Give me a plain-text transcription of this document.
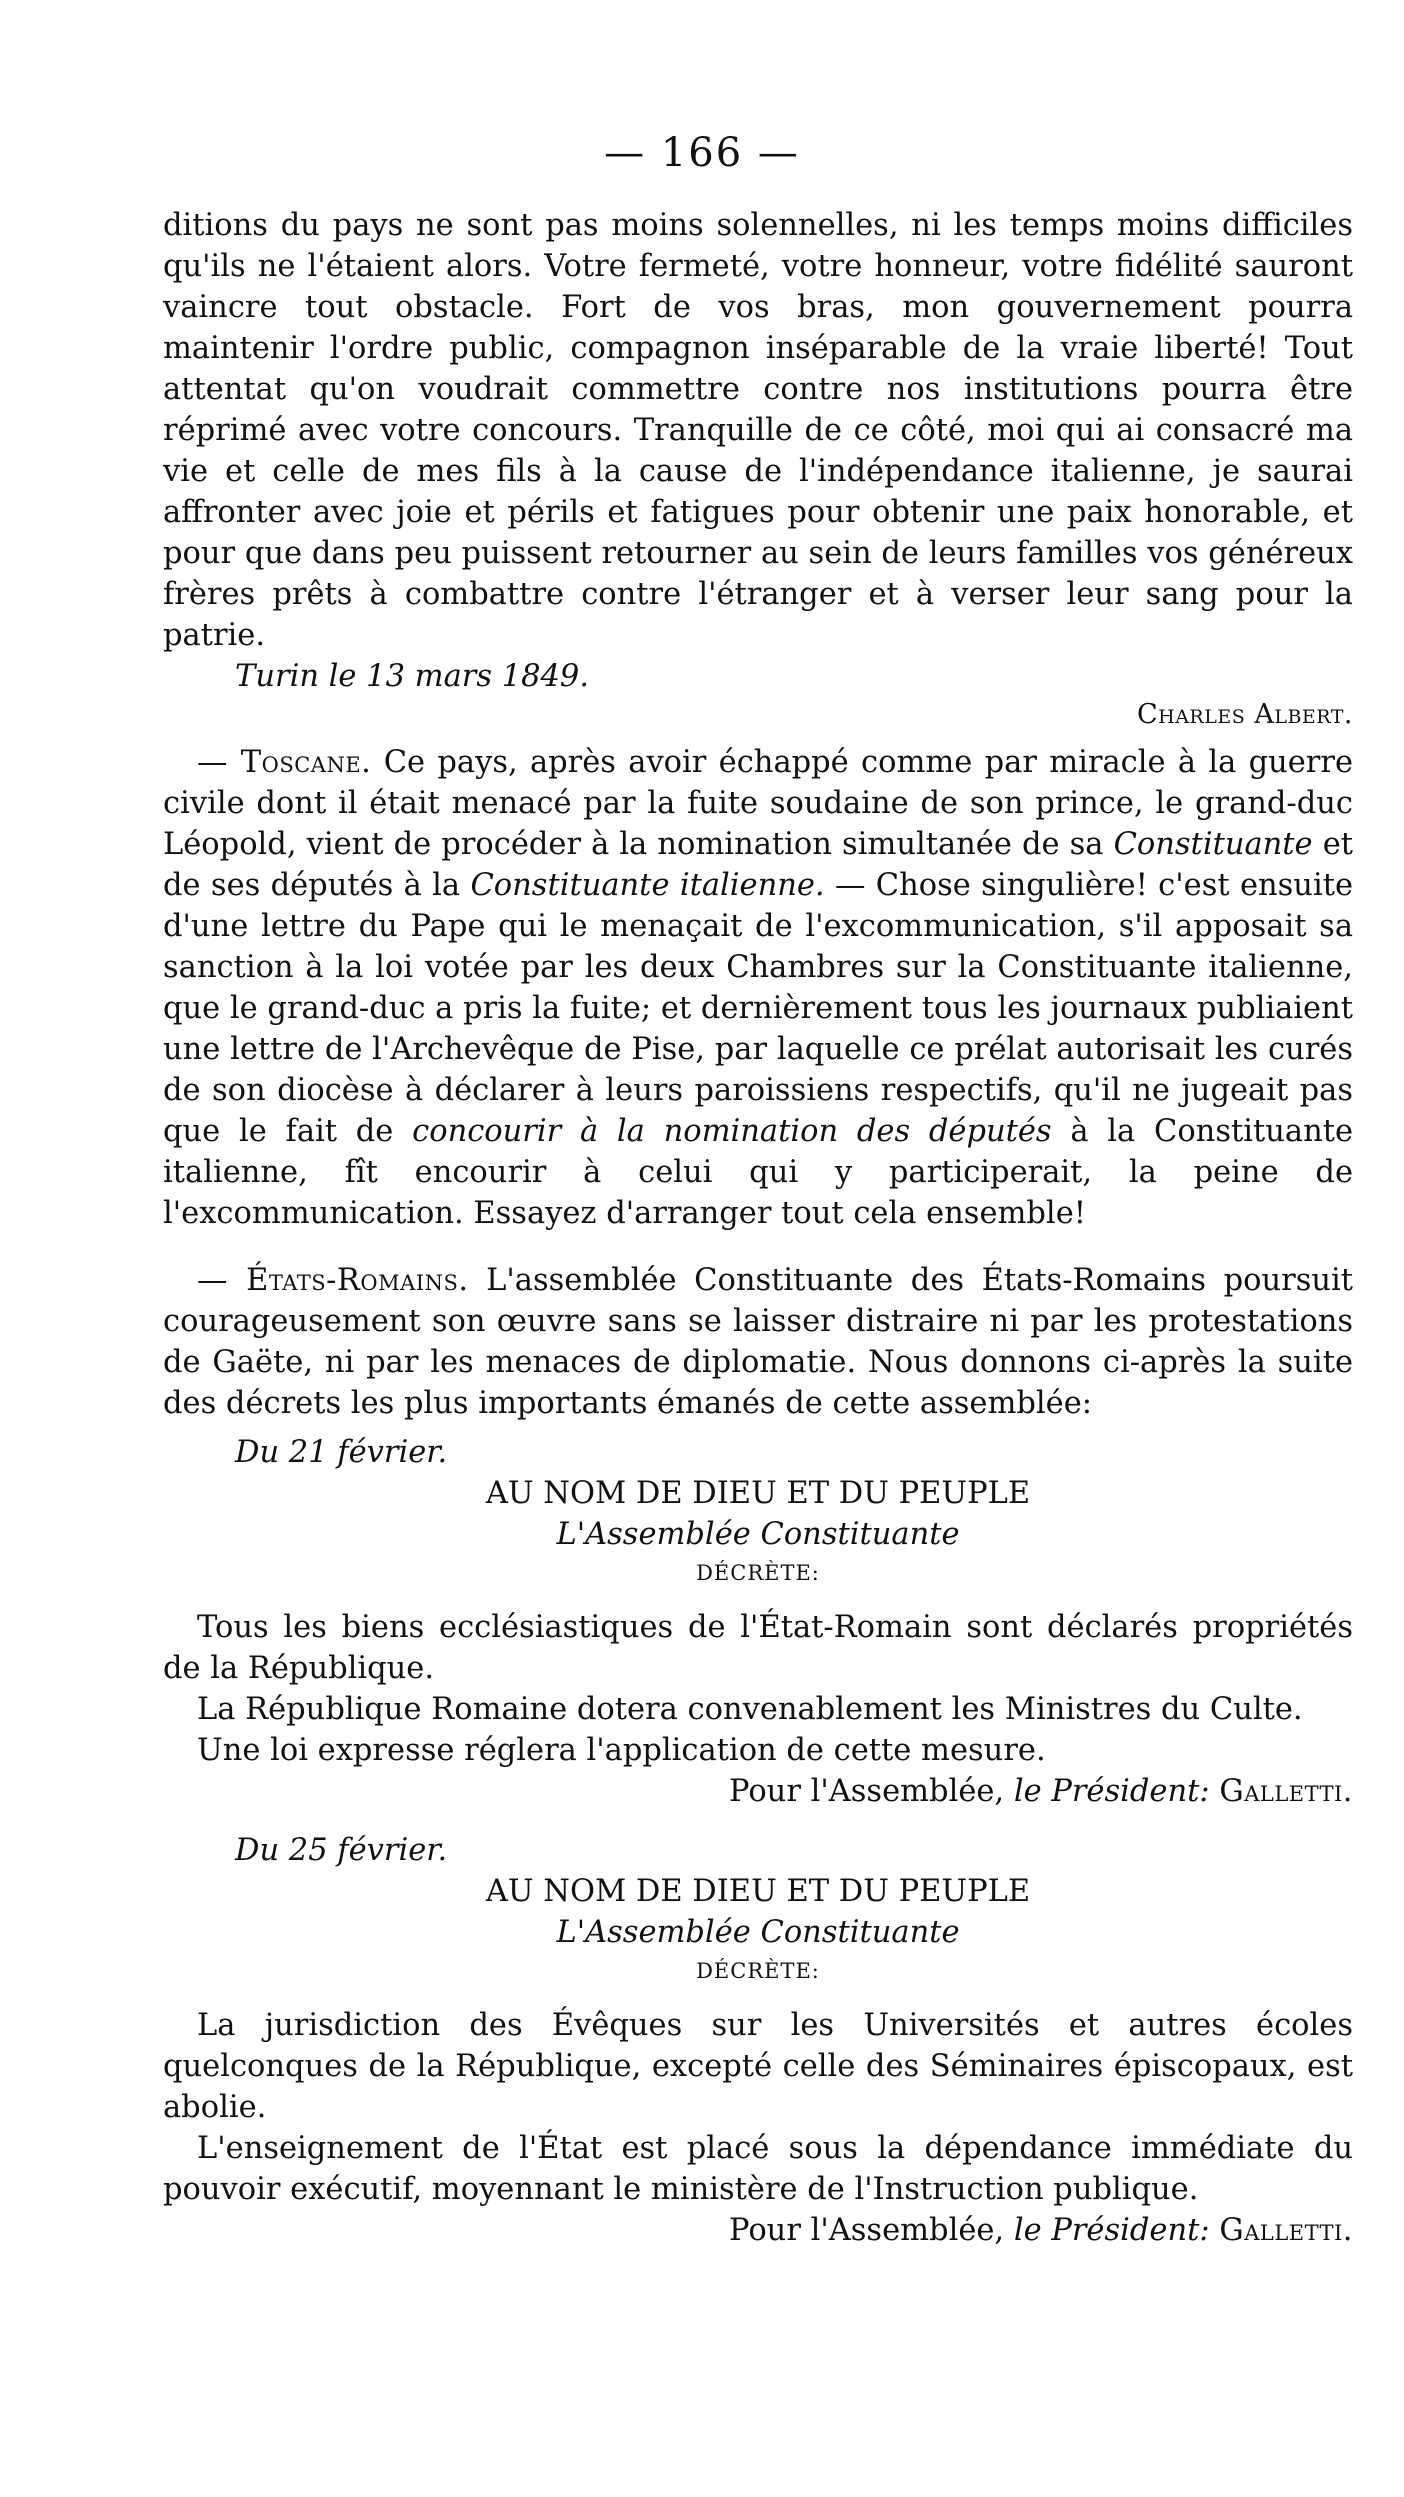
— 166 —

ditions du pays ne sont pas moins solennelles, ni les temps moins difficiles qu'ils ne l'étaient alors. Votre fermeté, votre honneur, votre fidélité sauront vaincre tout obstacle. Fort de vos bras, mon gouvernement pourra maintenir l'ordre public, compagnon inséparable de la vraie liberté! Tout attentat qu'on voudrait commettre contre nos institutions pourra être réprimé avec votre concours. Tranquille de ce côté, moi qui ai consacré ma vie et celle de mes fils à la cause de l'indépendance italienne, je saurai affronter avec joie et périls et fatigues pour obtenir une paix honorable, et pour que dans peu puissent retourner au sein de leurs familles vos généreux frères prêts à combattre contre l'étranger et à verser leur sang pour la patrie.

Turin le 13 mars 1849.

Charles Albert.

— Toscane. Ce pays, après avoir échappé comme par miracle à la guerre civile dont il était menacé par la fuite soudaine de son prince, le grand-duc Léopold, vient de procéder à la nomination simultanée de sa Constituante et de ses députés à la Constituante italienne. — Chose singulière! c'est ensuite d'une lettre du Pape qui le menaçait de l'excommunication, s'il apposait sa sanction à la loi votée par les deux Chambres sur la Constituante italienne, que le grand-duc a pris la fuite; et dernièrement tous les journaux publiaient une lettre de l'Archevêque de Pise, par laquelle ce prélat autorisait les curés de son diocèse à déclarer à leurs paroissiens respectifs, qu'il ne jugeait pas que le fait de concourir à la nomination des députés à la Constituante italienne, fît encourir à celui qui y participerait, la peine de l'excommunication. Essayez d'arranger tout cela ensemble!

— États-Romains. L'assemblée Constituante des États-Romains poursuit courageusement son œuvre sans se laisser distraire ni par les protestations de Gaëte, ni par les menaces de diplomatie. Nous donnons ci-après la suite des décrets les plus importants émanés de cette assemblée:

Du 21 février.

AU NOM DE DIEU ET DU PEUPLE

L'Assemblée Constituante

DÉCRÈTE:

Tous les biens ecclésiastiques de l'État-Romain sont déclarés propriétés de la République.

La République Romaine dotera convenablement les Ministres du Culte.

Une loi expresse réglera l'application de cette mesure.

Pour l'Assemblée, le Président: Galletti.

Du 25 février.

AU NOM DE DIEU ET DU PEUPLE

L'Assemblée Constituante

DÉCRÈTE:

La jurisdiction des Évêques sur les Universités et autres écoles quelconques de la République, excepté celle des Séminaires épiscopaux, est abolie.

L'enseignement de l'État est placé sous la dépendance immédiate du pouvoir exécutif, moyennant le ministère de l'Instruction publique.

Pour l'Assemblée, le Président: Galletti.
